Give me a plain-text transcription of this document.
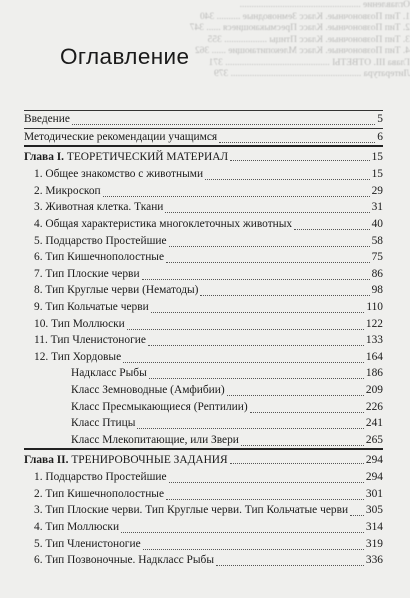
Оглавление ...................................................
1. Тип Позвоночные. Класс Земноводные .......... 340
2. Тип Позвоночные. Класс Пресмыкающиеся ...... 347
3. Тип Позвоночные. Класс Птицы .................. 355
4. Тип Позвоночные. Класс Млекопитающие ...... 362
Глава III. ОТВЕТЫ ............................................ 371
Литература ....................................................... 379
Оглавление
Введение	5
Методические рекомендации учащимся	6
Глава I. ТЕОРЕТИЧЕСКИЙ МАТЕРИАЛ	15
1. Общее знакомство с животными	15
2. Микроскоп	29
3. Животная клетка. Ткани	31
4. Общая характеристика многоклеточных животных	40
5. Подцарство Простейшие	58
6. Тип Кишечнополостные	75
7. Тип Плоские черви	86
8. Тип Круглые черви (Нематоды)	98
9. Тип Кольчатые черви	110
10. Тип Моллюски	122
11. Тип Членистоногие	133
12. Тип Хордовые	164
Надкласс Рыбы	186
Класс Земноводные (Амфибии)	209
Класс Пресмыкающиеся (Рептилии)	226
Класс Птицы	241
Класс Млекопитающие, или Звери	265
Глава II. ТРЕНИРОВОЧНЫЕ ЗАДАНИЯ	294
1. Подцарство Простейшие	294
2. Тип Кишечнополостные	301
3. Тип Плоские черви. Тип Круглые черви. Тип Кольчатые черви 305
4. Тип Моллюски	314
5. Тип Членистоногие	319
6. Тип Позвоночные. Надкласс Рыбы	336
